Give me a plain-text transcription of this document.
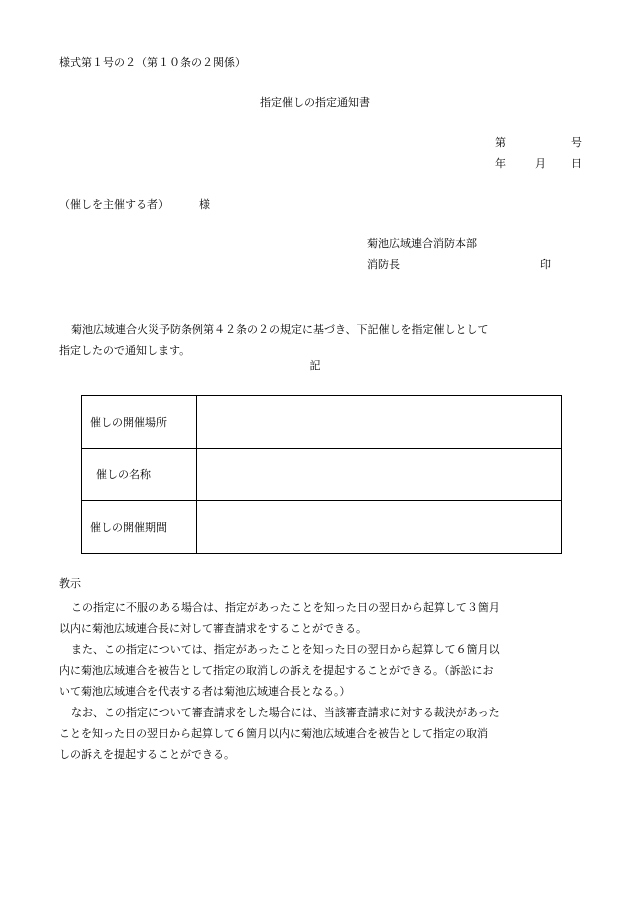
様式第１号の２（第１０条の２関係）
指定催しの指定通知書
第	号
年	月 日
（催しを主催する者）	様
菊池広域連合消防本部
消防長	印
菊池広域連合火災予防条例第４２条の２の規定に基づき、下記催しを指定催しとして
指定したので通知します。
記
催しの開催場所	
催しの名称	
催しの開催期間	
教示

この指定に不服のある場合は、指定があったことを知った日の翌日から起算して３箇月
以内に菊池広域連合長に対して審査請求をすることができる。

また、この指定については、指定があったことを知った日の翌日から起算して６箇月以
内に菊池広域連合を被告として指定の取消しの訴えを提起することができる。（訴訟にお
いて菊池広域連合を代表する者は菊池広域連合長となる。）

なお、この指定について審査請求をした場合には、当該審査請求に対する裁決があった
ことを知った日の翌日から起算して６箇月以内に菊池広域連合を被告として指定の取消
しの訴えを提起することができる。
